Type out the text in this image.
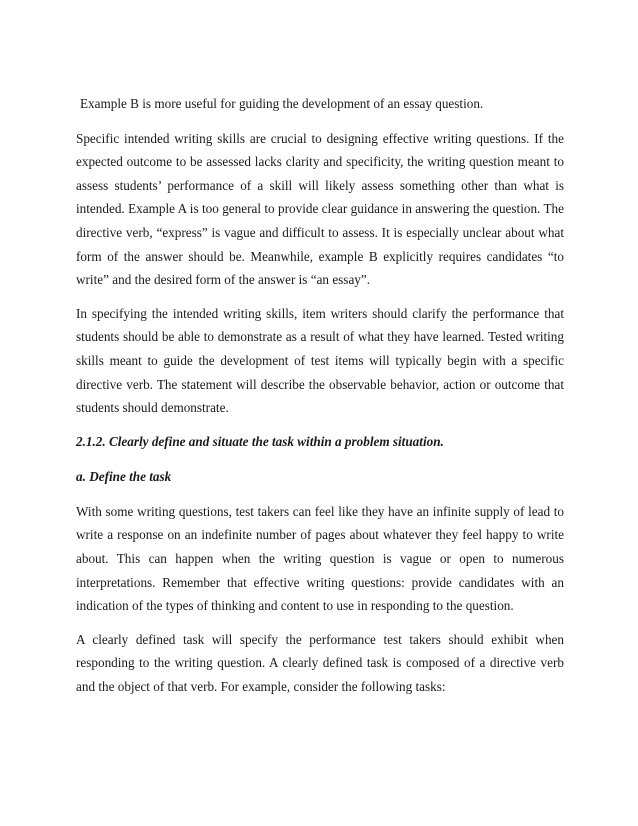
Example B is more useful for guiding the development of an essay question.

Specific intended writing skills are crucial to designing effective writing questions. If the expected outcome to be assessed lacks clarity and specificity, the writing question meant to assess students’ performance of a skill will likely assess something other than what is intended. Example A is too general to provide clear guidance in answering the question. The directive verb, “express” is vague and difficult to assess. It is especially unclear about what form of the answer should be. Meanwhile, example B explicitly requires candidates “to write” and the desired form of the answer is “an essay”.

In specifying the intended writing skills, item writers should clarify the performance that students should be able to demonstrate as a result of what they have learned. Tested writing skills meant to guide the development of test items will typically begin with a specific directive verb. The statement will describe the observable behavior, action or outcome that students should demonstrate.

2.1.2. Clearly define and situate the task within a problem situation.

a. Define the task

With some writing questions, test takers can feel like they have an infinite supply of lead to write a response on an indefinite number of pages about whatever they feel happy to write about. This can happen when the writing question is vague or open to numerous interpretations. Remember that effective writing questions: provide candidates with an indication of the types of thinking and content to use in responding to the question.

A clearly defined task will specify the performance test takers should exhibit when responding to the writing question. A clearly defined task is composed of a directive verb and the object of that verb. For example, consider the following tasks:
